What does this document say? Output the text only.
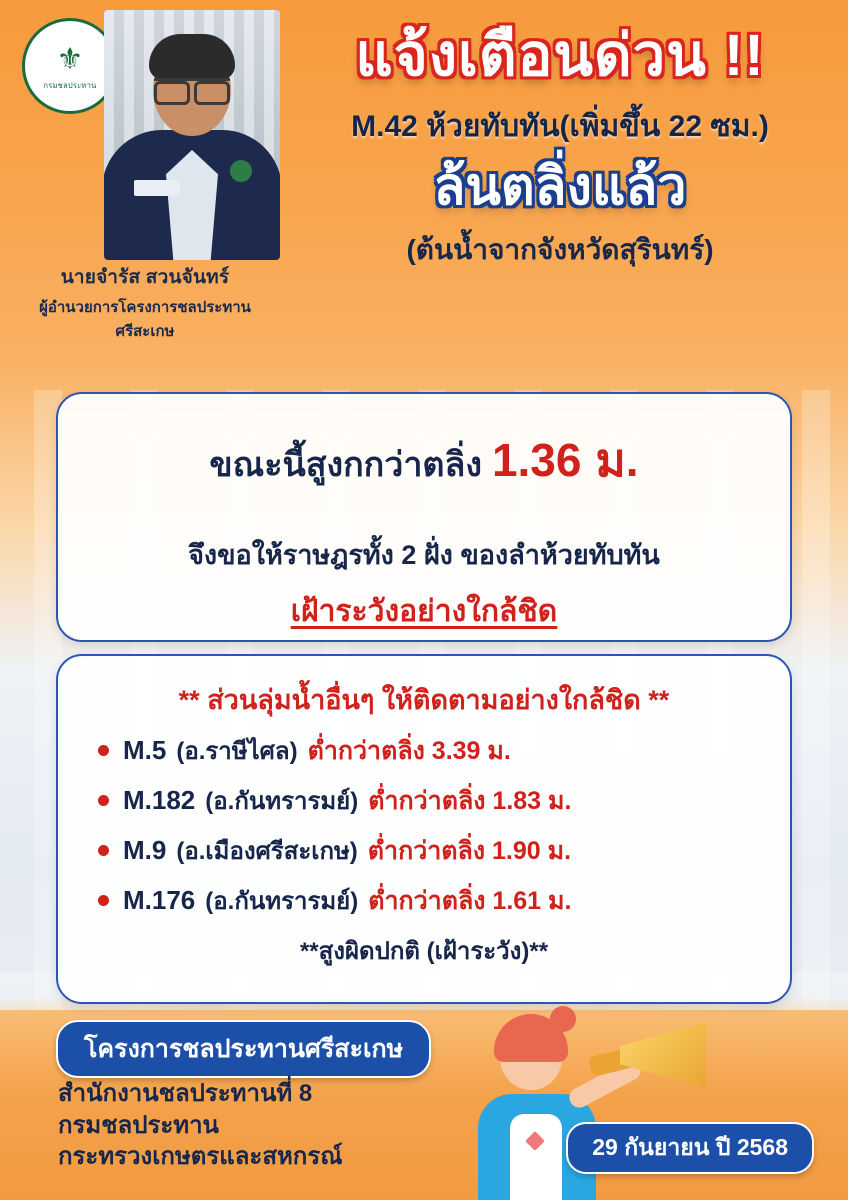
⚜
กรมชลประทาน
นายจำรัส สวนจันทร์
ผู้อำนวยการโครงการชลประทานศรีสะเกษ
แจ้งเตือนด่วน !!
M.42 ห้วยทับทัน(เพิ่มขึ้น 22 ซม.)
ล้นตลิ่งแล้ว
(ต้นน้ำจากจังหวัดสุรินทร์)
ขณะนี้สูงกกว่าตลิ่ง 1.36 ม.
จึงขอให้ราษฎรทั้ง 2 ฝั่ง ของลำห้วยทับทัน
เฝ้าระวังอย่างใกล้ชิด
** ส่วนลุ่มน้ำอื่นๆ ให้ติดตามอย่างใกล้ชิด **
M.5 (อ.ราษีไศล) ต่ำกว่าตลิ่ง 3.39 ม.
M.182 (อ.กันทรารมย์) ต่ำกว่าตลิ่ง 1.83 ม.
M.9 (อ.เมืองศรีสะเกษ) ต่ำกว่าตลิ่ง 1.90 ม.
M.176 (อ.กันทรารมย์) ต่ำกว่าตลิ่ง 1.61 ม.
**สูงผิดปกติ (เฝ้าระวัง)**
โครงการชลประทานศรีสะเกษ
สำนักงานชลประทานที่ 8
กรมชลประทาน
กระทรวงเกษตรและสหกรณ์	29 กันยายน ปี 2568
